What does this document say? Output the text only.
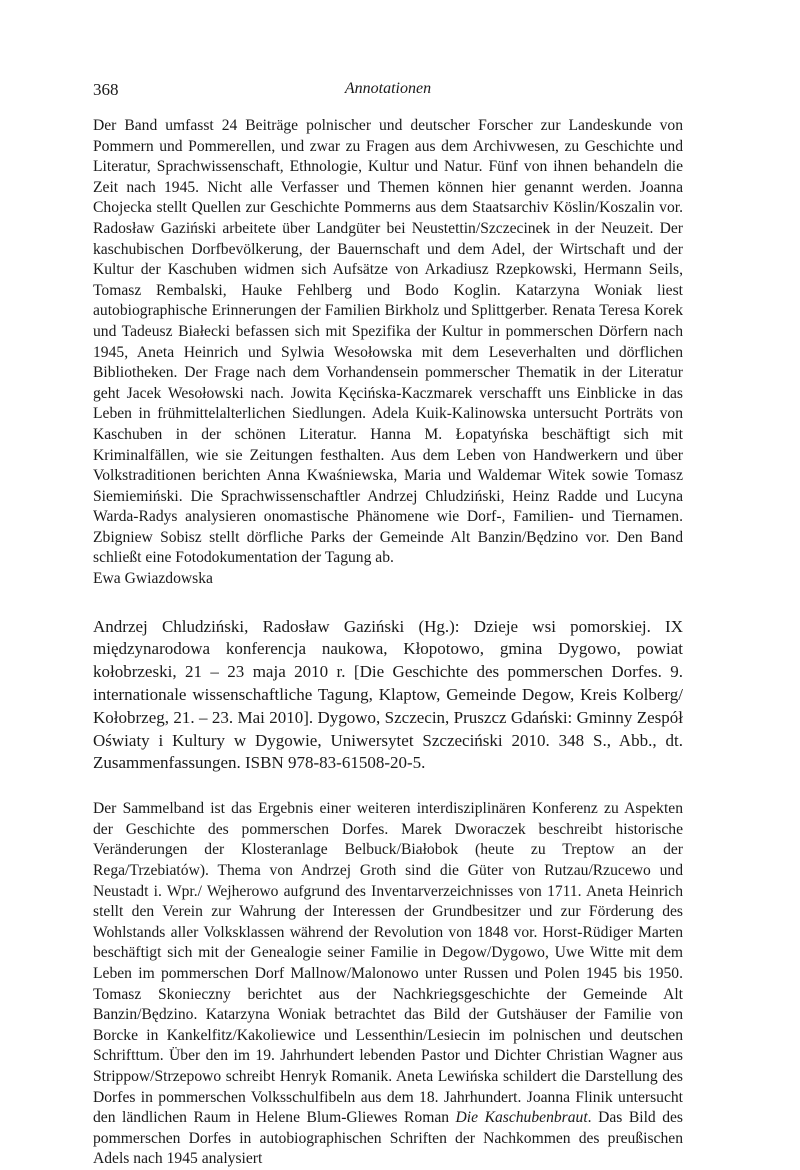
368	Annotationen

Der Band umfasst 24 Beiträge polnischer und deutscher Forscher zur Landeskunde von Pommern und Pommerellen, und zwar zu Fragen aus dem Archivwesen, zu Geschichte und Literatur, Sprachwissenschaft, Ethnologie, Kultur und Natur. Fünf von ihnen behandeln die Zeit nach 1945. Nicht alle Verfasser und Themen können hier genannt werden. Joanna Chojecka stellt Quellen zur Geschichte Pommerns aus dem Staatsarchiv Köslin/Koszalin vor. Radosław Gaziński arbeitete über Landgüter bei Neustettin/Szczecinek in der Neuzeit. Der kaschubischen Dorfbevölkerung, der Bauernschaft und dem Adel, der Wirtschaft und der Kultur der Kaschuben widmen sich Aufsätze von Arkadiusz Rzepkowski, Hermann Seils, Tomasz Rembalski, Hauke Fehlberg und Bodo Koglin. Katarzyna Woniak liest autobiographische Erinnerungen der Familien Birkholz und Splittgerber. Renata Teresa Korek und Tadeusz Białecki befassen sich mit Spezifika der Kultur in pommerschen Dörfern nach 1945, Aneta Heinrich und Sylwia Wesołowska mit dem Leseverhalten und dörflichen Bibliotheken. Der Frage nach dem Vorhandensein pommerscher Thematik in der Literatur geht Jacek Wesołowski nach. Jowita Kęcińska-Kaczmarek verschafft uns Einblicke in das Leben in frühmittelalterlichen Siedlungen. Adela Kuik-Kalinowska untersucht Porträts von Kaschuben in der schönen Literatur. Hanna M. Łopatyńska beschäftigt sich mit Kriminalfällen, wie sie Zeitungen festhalten. Aus dem Leben von Handwerkern und über Volkstraditionen berichten Anna Kwaśniewska, Maria und Waldemar Witek sowie Tomasz Siemiemiński. Die Sprachwissenschaftler Andrzej Chludziński, Heinz Radde und Lucyna Warda-Radys analysieren onomastische Phänomene wie Dorf-, Familien- und Tiernamen. Zbigniew Sobisz stellt dörfliche Parks der Gemeinde Alt Banzin/Będzino vor. Den Band schließt eine Fotodokumentation der Tagung ab.

Ewa Gwiazdowska

Andrzej Chludziński, Radosław Gaziński (Hg.): Dzieje wsi pomorskiej. IX międzynarodowa konferencja naukowa, Kłopotowo, gmina Dygowo, powiat kołobrzeski, 21 – 23 maja 2010 r. [Die Geschichte des pommerschen Dorfes. 9. internationale wissenschaftliche Tagung, Klaptow, Gemeinde Degow, Kreis Kolberg/ Kołobrzeg, 21. – 23. Mai 2010]. Dygowo, Szczecin, Pruszcz Gdański: Gminny Zespół Oświaty i Kultury w Dygowie, Uniwersytet Szczeciński 2010. 348 S., Abb., dt. Zusammenfassungen. ISBN 978-83-61508-20-5.

Der Sammelband ist das Ergebnis einer weiteren interdisziplinären Konferenz zu Aspekten der Geschichte des pommerschen Dorfes. Marek Dworaczek beschreibt historische Veränderungen der Klosteranlage Belbuck/Białobok (heute zu Treptow an der Rega/Trzebiatów). Thema von Andrzej Groth sind die Güter von Rutzau/Rzucewo und Neustadt i. Wpr./ Wejherowo aufgrund des Inventarverzeichnisses von 1711. Aneta Heinrich stellt den Verein zur Wahrung der Interessen der Grundbesitzer und zur Förderung des Wohlstands aller Volksklassen während der Revolution von 1848 vor. Horst-Rüdiger Marten beschäftigt sich mit der Genealogie seiner Familie in Degow/Dygowo, Uwe Witte mit dem Leben im pommerschen Dorf Mallnow/Malonowo unter Russen und Polen 1945 bis 1950. Tomasz Skonieczny berichtet aus der Nachkriegsgeschichte der Gemeinde Alt Banzin/Będzino. Katarzyna Woniak betrachtet das Bild der Gutshäuser der Familie von Borcke in Kankelfitz/Kakoliewice und Lessenthin/Lesiecin im polnischen und deutschen Schrifttum. Über den im 19. Jahrhundert lebenden Pastor und Dichter Christian Wagner aus Strippow/Strzepowo schreibt Henryk Romanik. Aneta Lewińska schildert die Darstellung des Dorfes in pommerschen Volksschulfibeln aus dem 18. Jahrhundert. Joanna Flinik untersucht den ländlichen Raum in Helene Blum-Gliewes Roman Die Kaschubenbraut. Das Bild des pommerschen Dorfes in autobiographischen Schriften der Nachkommen des preußischen Adels nach 1945 analysiert
